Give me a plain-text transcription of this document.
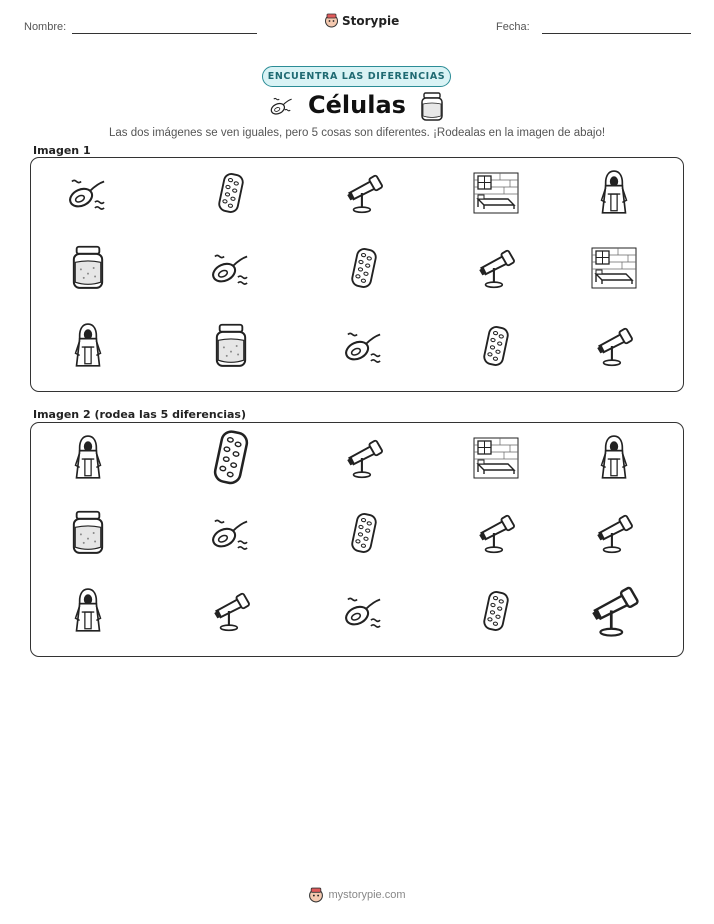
Nombre:	Storypie	Fecha:
ENCUENTRA LAS DIFERENCIAS
Células
Las dos imágenes se ven iguales, pero 5 cosas son diferentes. ¡Rodealas en la imagen de abajo!
Imagen 1
Imagen 2 (rodea las 5 diferencias)
mystorypie.com
